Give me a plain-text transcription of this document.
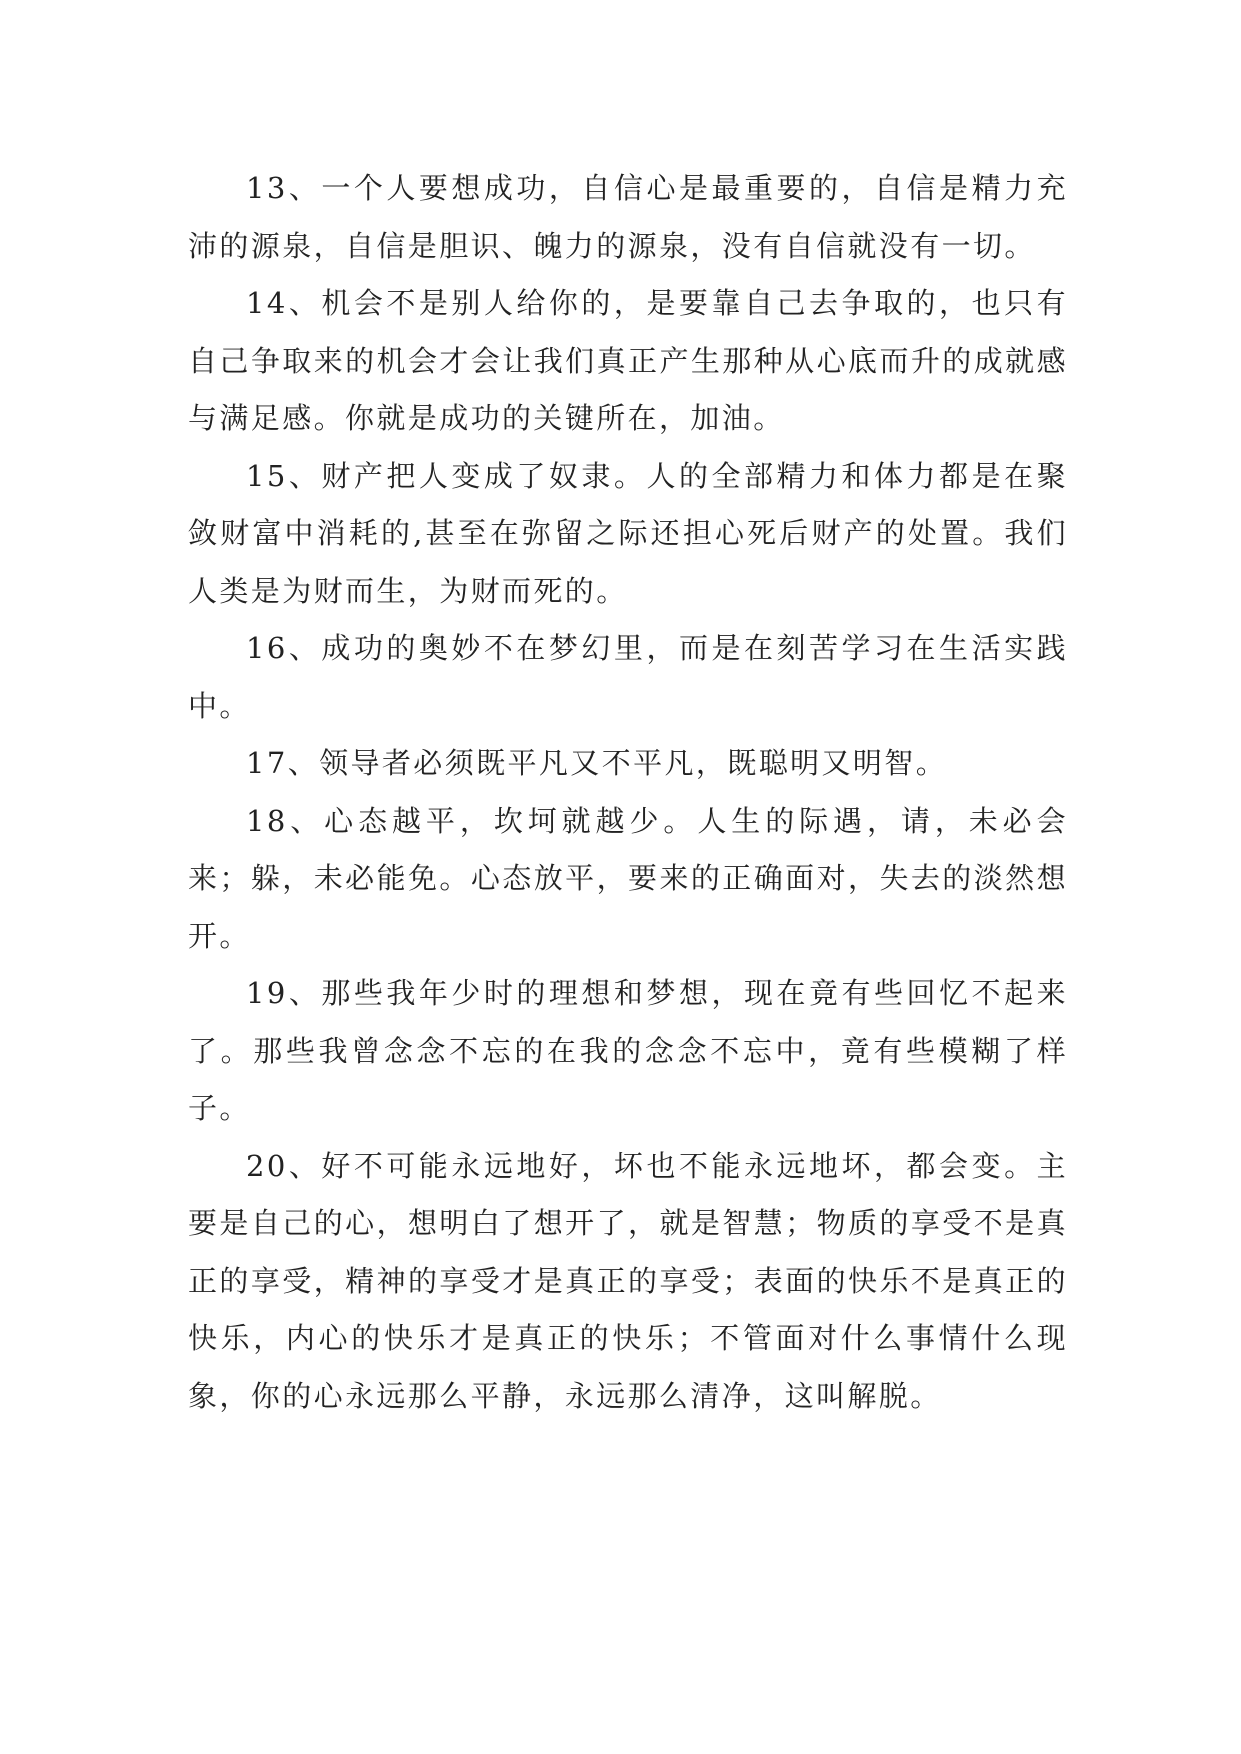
13、一个人要想成功，自信心是最重要的，自信是精力充沛的源泉，自信是胆识、魄力的源泉，没有自信就没有一切。

14、机会不是别人给你的，是要靠自己去争取的，也只有自己争取来的机会才会让我们真正产生那种从心底而升的成就感与满足感。你就是成功的关键所在，加油。

15、财产把人变成了奴隶。人的全部精力和体力都是在聚敛财富中消耗的,甚至在弥留之际还担心死后财产的处置。我们人类是为财而生，为财而死的。

16、成功的奥妙不在梦幻里，而是在刻苦学习在生活实践中。

17、领导者必须既平凡又不平凡，既聪明又明智。

18、心态越平，坎坷就越少。人生的际遇，请，未必会来；躲，未必能免。心态放平，要来的正确面对，失去的淡然想开。

19、那些我年少时的理想和梦想，现在竟有些回忆不起来了。那些我曾念念不忘的在我的念念不忘中，竟有些模糊了样子。

20、好不可能永远地好，坏也不能永远地坏，都会变。主要是自己的心，想明白了想开了，就是智慧；物质的享受不是真正的享受，精神的享受才是真正的享受；表面的快乐不是真正的快乐，内心的快乐才是真正的快乐；不管面对什么事情什么现象，你的心永远那么平静，永远那么清净，这叫解脱。
